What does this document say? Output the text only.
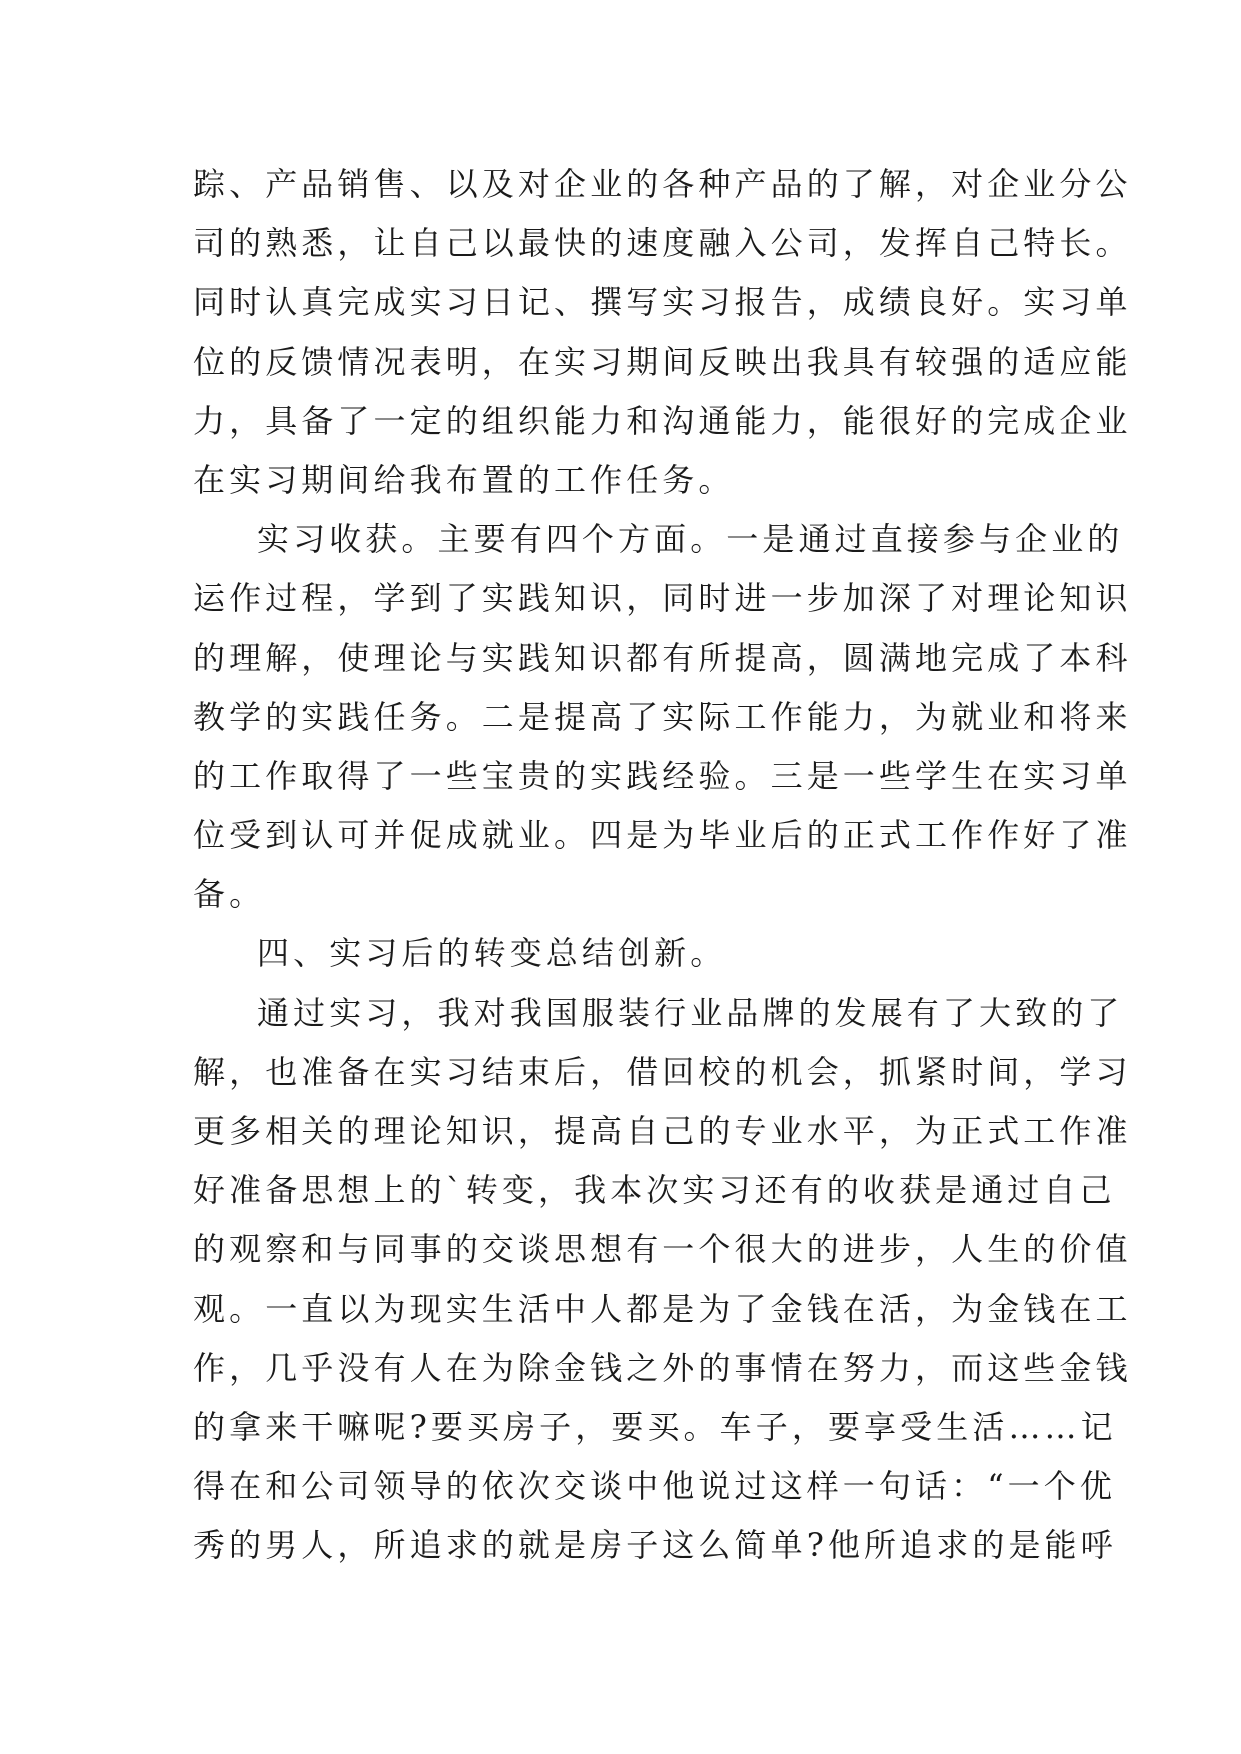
踪、产品销售、以及对企业的各种产品的了解，对企业分公
司的熟悉，让自己以最快的速度融入公司，发挥自己特长。
同时认真完成实习日记、撰写实习报告，成绩良好。实习单
位的反馈情况表明，在实习期间反映出我具有较强的适应能
力，具备了一定的组织能力和沟通能力，能很好的完成企业
在实习期间给我布置的工作任务。
实习收获。主要有四个方面。一是通过直接参与企业的
运作过程，学到了实践知识，同时进一步加深了对理论知识
的理解，使理论与实践知识都有所提高，圆满地完成了本科
教学的实践任务。二是提高了实际工作能力，为就业和将来
的工作取得了一些宝贵的实践经验。三是一些学生在实习单
位受到认可并促成就业。四是为毕业后的正式工作作好了准
备。
四、实习后的转变总结创新。
通过实习，我对我国服装行业品牌的发展有了大致的了
解，也准备在实习结束后，借回校的机会，抓紧时间，学习
更多相关的理论知识，提高自己的专业水平，为正式工作准
好准备思想上的`转变，我本次实习还有的收获是通过自己
的观察和与同事的交谈思想有一个很大的进步，人生的价值
观。一直以为现实生活中人都是为了金钱在活，为金钱在工
作，几乎没有人在为除金钱之外的事情在努力，而这些金钱
的拿来干嘛呢?要买房子，要买。车子，要享受生活……记
得在和公司领导的依次交谈中他说过这样一句话：“一个优
秀的男人，所追求的就是房子这么简单?他所追求的是能呼
